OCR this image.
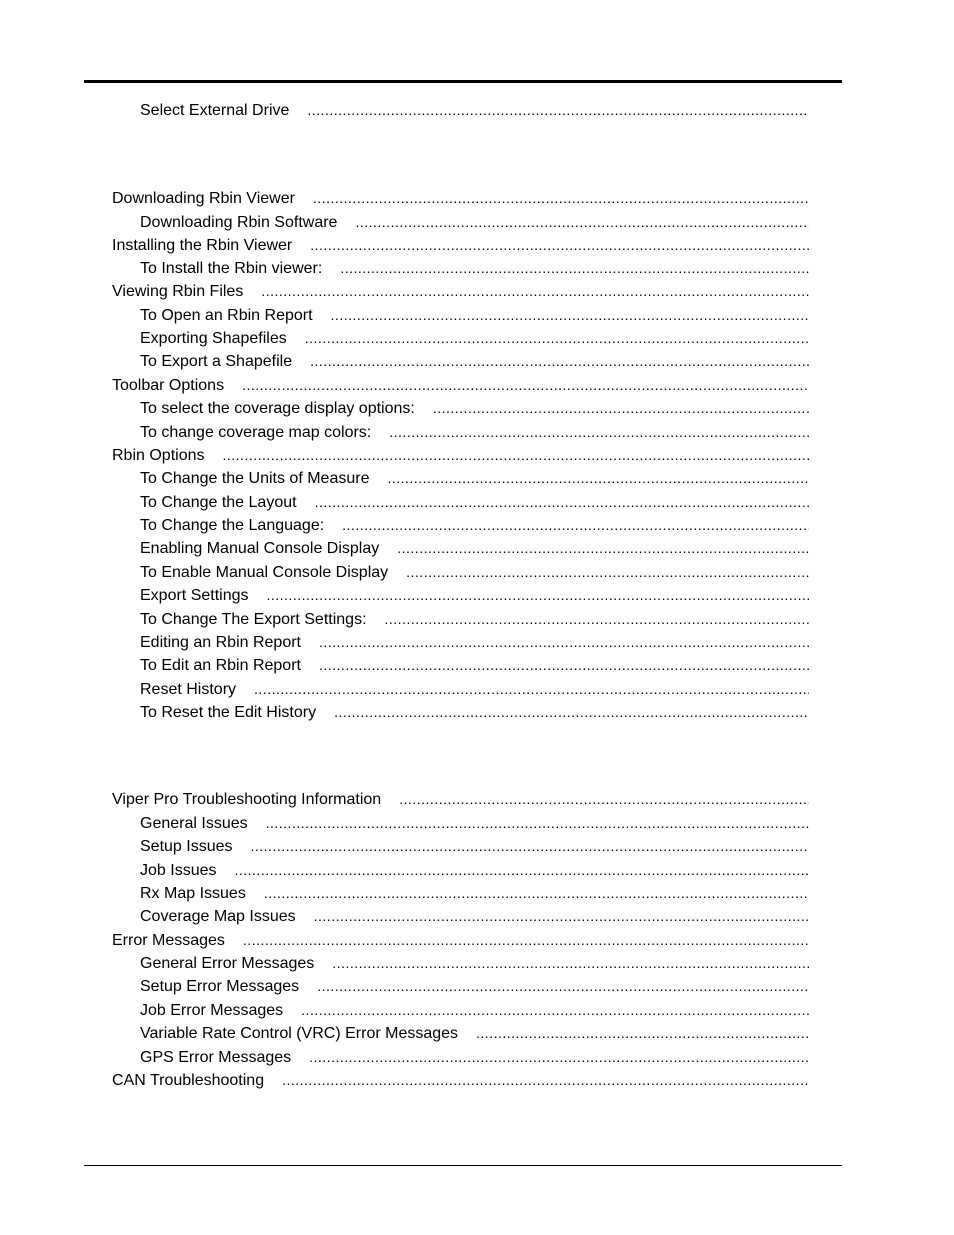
Select External Drive
.....
Downloading Rbin Viewer
.....
Downloading Rbin Software
.....
Installing the Rbin Viewer
.....
To Install the Rbin viewer:
.....
Viewing Rbin Files
.....
To Open an Rbin Report
.....
Exporting Shapefiles
.....
To Export a Shapefile
.....
Toolbar Options
.....
To select the coverage display options:
.....
To change coverage map colors:
.....
Rbin Options
.....
To Change the Units of Measure
.....
To Change the Layout
.....
To Change the Language:
.....
Enabling Manual Console Display
.....
To Enable Manual Console Display
.....
Export Settings
.....
To Change The Export Settings:
.....
Editing an Rbin Report
.....
To Edit an Rbin Report
.....
Reset History
.....
To Reset the Edit History
.....
Viper Pro Troubleshooting Information
.....
General Issues
.....
Setup Issues
.....
Job Issues
.....
Rx Map Issues
.....
Coverage Map Issues
.....
Error Messages
.....
General Error Messages
.....
Setup Error Messages
.....
Job Error Messages
.....
Variable Rate Control (VRC) Error Messages
.....
GPS Error Messages
.....
CAN Troubleshooting
.....
